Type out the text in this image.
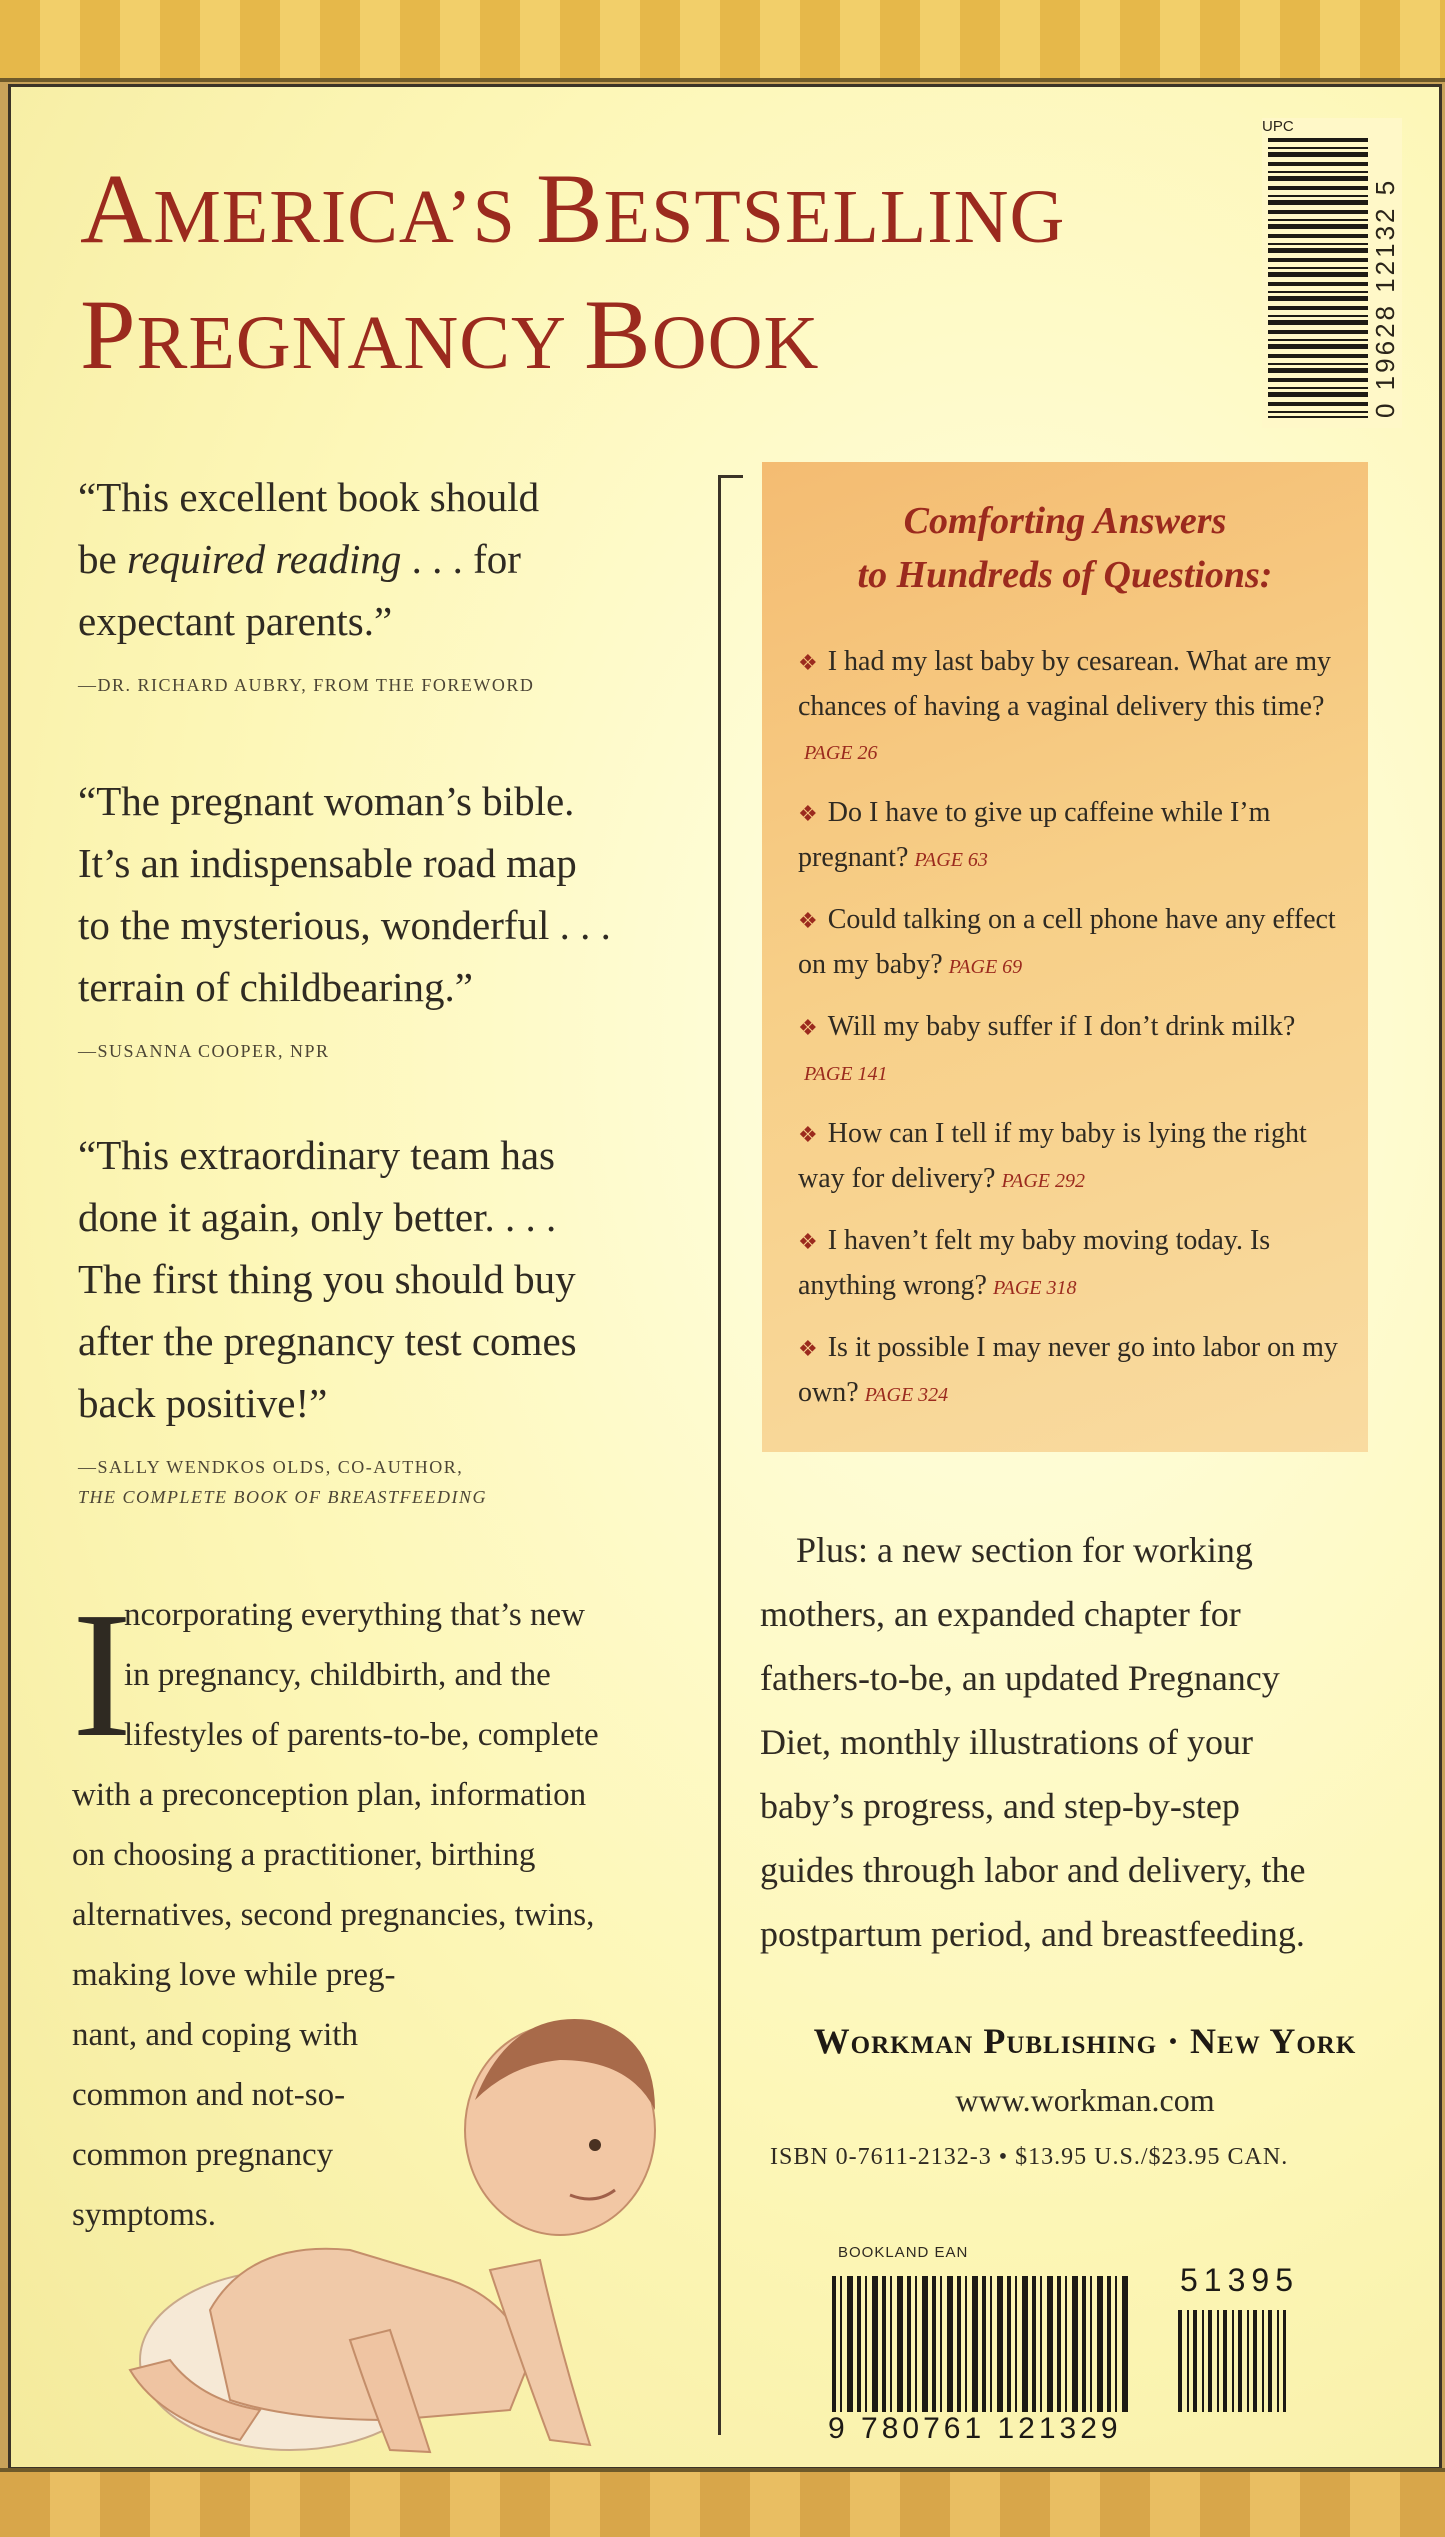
AMERICA’S BESTSELLING
PREGNANCY BOOK
UPC
0 19628 12132 5
“This excellent book should
be required reading . . . for
expectant parents.”
—DR. RICHARD AUBRY, FROM THE FOREWORD
“The pregnant woman’s bible.
It’s an indispensable road map
to the mysterious, wonderful . . .
terrain of childbearing.”
—SUSANNA COOPER, NPR
“This extraordinary team has
done it again, only better. . . .
The first thing you should buy
after the pregnancy test comes
back positive!”
—SALLY WENDKOS OLDS, CO-AUTHOR,
THE COMPLETE BOOK OF BREASTFEEDING
I
ncorporating everything that’s new
in pregnancy, childbirth, and the
lifestyles of parents-to-be, complete
with a preconception plan, information
on choosing a practitioner, birthing
alternatives, second pregnancies, twins,
making love while preg-
nant, and coping with
common and not-so-
common pregnancy
symptoms.
Comforting Answers
to Hundreds of Questions:
❖ I had my last baby by cesarean. What are my chances of having a vaginal delivery this time?PAGE 26
❖ Do I have to give up caffeine while I’m pregnant? PAGE 63
❖ Could talking on a cell phone have any effect on my baby? PAGE 69
❖ Will my baby suffer if I don’t drink milk?PAGE 141
❖ How can I tell if my baby is lying the right way for delivery? PAGE 292
❖ I haven’t felt my baby moving today. Is anything wrong? PAGE 318
❖ Is it possible I may never go into labor on my own? PAGE 324
Plus: a new section for working
mothers, an expanded chapter for
fathers-to-be, an updated Pregnancy
Diet, monthly illustrations of your
baby’s progress, and step-by-step
guides through labor and delivery, the
postpartum period, and breastfeeding.
Workman Publishing · New York
www.workman.com
ISBN 0-7611-2132-3 • $13.95 U.S./$23.95 CAN.
BOOKLAND EAN
9 780761 121329
51395
